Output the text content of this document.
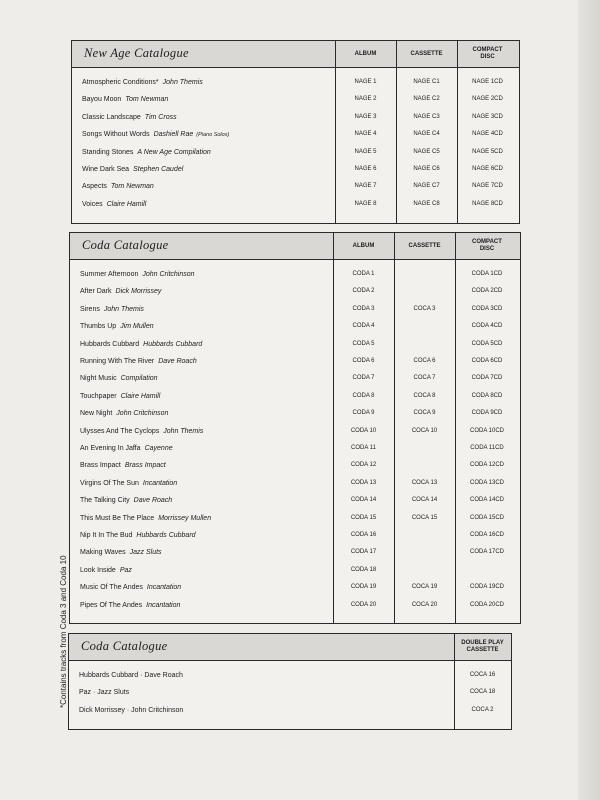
*Contains tracks from Coda 3 and Coda 10
New Age Catalogue	ALBUM	CASSETTE
COMPACT DISC
Atmospheric Conditions* John Themis	NAGE 1	NAGE C1	NAGE 1CD
Bayou Moon Tom Newman	NAGE 2	NAGE C2	NAGE 2CD
Classic Landscape Tim Cross	NAGE 3	NAGE C3	NAGE 3CD
Songs Without Words Dashiell Rae (Piano Solos)	NAGE 4	NAGE C4	NAGE 4CD
Standing Stones A New Age Compilation	NAGE 5	NAGE C5	NAGE 5CD
Wine Dark Sea Stephen Caudel	NAGE 6	NAGE C6	NAGE 6CD
Aspects Tom Newman	NAGE 7	NAGE C7	NAGE 7CD
Voices Claire Hamill	NAGE 8	NAGE C8	NAGE 8CD
Coda Catalogue	ALBUM	CASSETTE
COMPACT DISC
Summer Afternoon John Critchinson	CODA 1	CODA 1CD
After Dark Dick Morrissey	CODA 2	CODA 2CD
Sirens John Themis	CODA 3	COCA 3	CODA 3CD
Thumbs Up Jim Mullen	CODA 4	CODA 4CD
Hubbards Cubbard Hubbards Cubbard	CODA 5	CODA 5CD
Running With The River Dave Roach	CODA 6	COCA 6	CODA 6CD
Night Music Compilation	CODA 7	COCA 7	CODA 7CD
Touchpaper Claire Hamill	CODA 8	COCA 8	CODA 8CD
New Night John Critchinson	CODA 9	COCA 9	CODA 9CD
Ulysses And The Cyclops John Themis	CODA 10	COCA 10	CODA 10CD
An Evening In Jaffa Cayenne	CODA 11	CODA 11CD
Brass Impact Brass Impact	CODA 12	CODA 12CD
Virgins Of The Sun Incantation	CODA 13	COCA 13	CODA 13CD
The Talking City Dave Roach	CODA 14	COCA 14	CODA 14CD
This Must Be The Place Morrissey Mullen	CODA 15	COCA 15	CODA 15CD
Nip It In The Bud Hubbards Cubbard	CODA 16	CODA 16CD
Making Waves Jazz Sluts	CODA 17	CODA 17CD
Look Inside Paz	CODA 18
Music Of The Andes Incantation	CODA 19	COCA 19	CODA 19CD
Pipes Of The Andes Incantation	CODA 20	COCA 20	CODA 20CD
Coda Catalogue	DOUBLE PLAY CASSETTE
Hubbards Cubbard · Dave Roach	COCA 16
Paz · Jazz Sluts	COCA 18
Dick Morrissey · John Critchinson	COCA 2
